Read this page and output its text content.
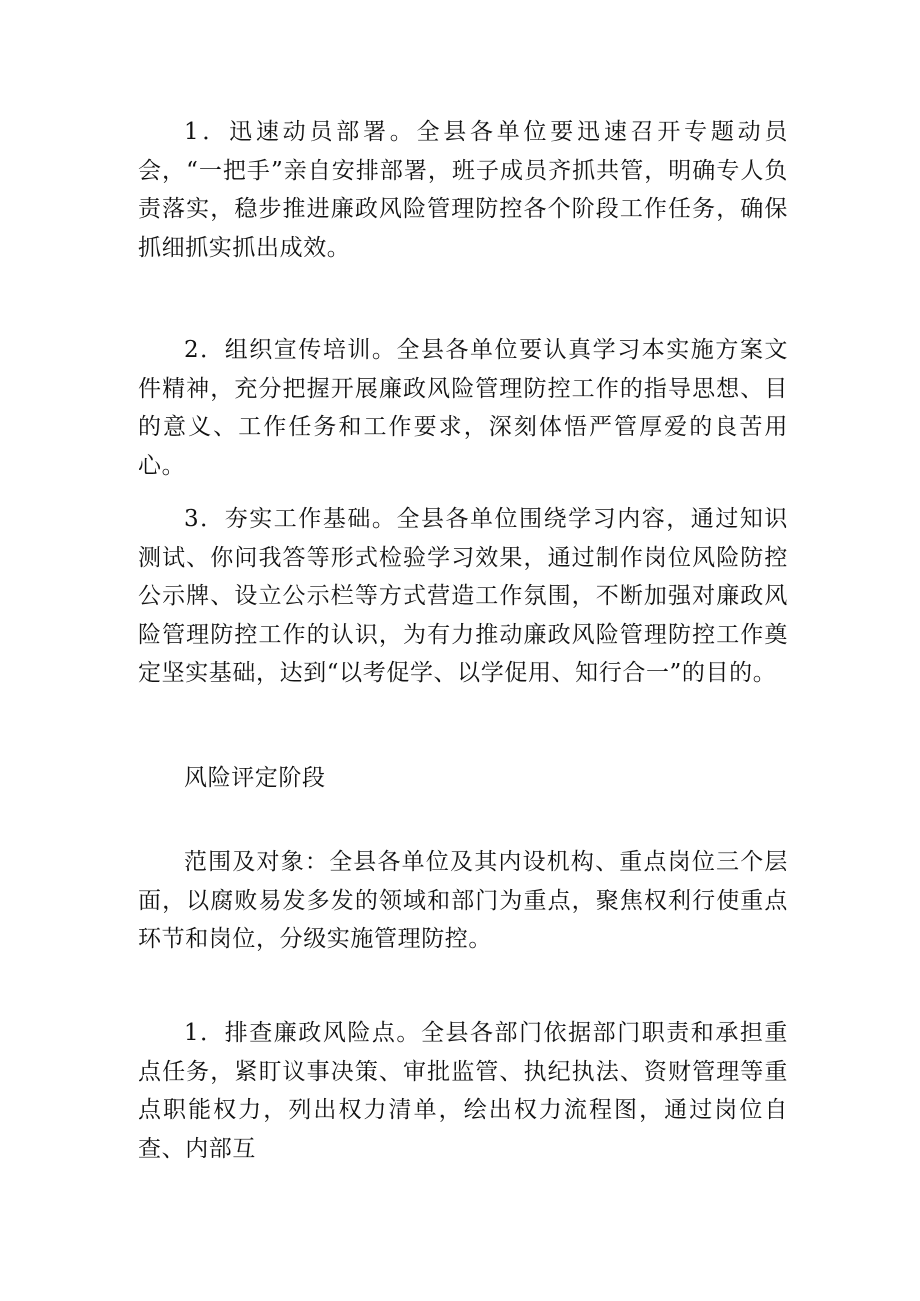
1．迅速动员部署。全县各单位要迅速召开专题动员会，“一把手”亲自安排部署，班子成员齐抓共管，明确专人负责落实，稳步推进廉政风险管理防控各个阶段工作任务，确保抓细抓实抓出成效。

2．组织宣传培训。全县各单位要认真学习本实施方案文件精神，充分把握开展廉政风险管理防控工作的指导思想、目的意义、工作任务和工作要求，深刻体悟严管厚爱的良苦用心。

3．夯实工作基础。全县各单位围绕学习内容，通过知识测试、你问我答等形式检验学习效果，通过制作岗位风险防控公示牌、设立公示栏等方式营造工作氛围，不断加强对廉政风险管理防控工作的认识，为有力推动廉政风险管理防控工作奠定坚实基础，达到“以考促学、以学促用、知行合一”的目的。

风险评定阶段

范围及对象：全县各单位及其内设机构、重点岗位三个层面，以腐败易发多发的领域和部门为重点，聚焦权利行使重点环节和岗位，分级实施管理防控。

1．排查廉政风险点。全县各部门依据部门职责和承担重点任务，紧盯议事决策、审批监管、执纪执法、资财管理等重点职能权力，列出权力清单，绘出权力流程图，通过岗位自查、内部互
